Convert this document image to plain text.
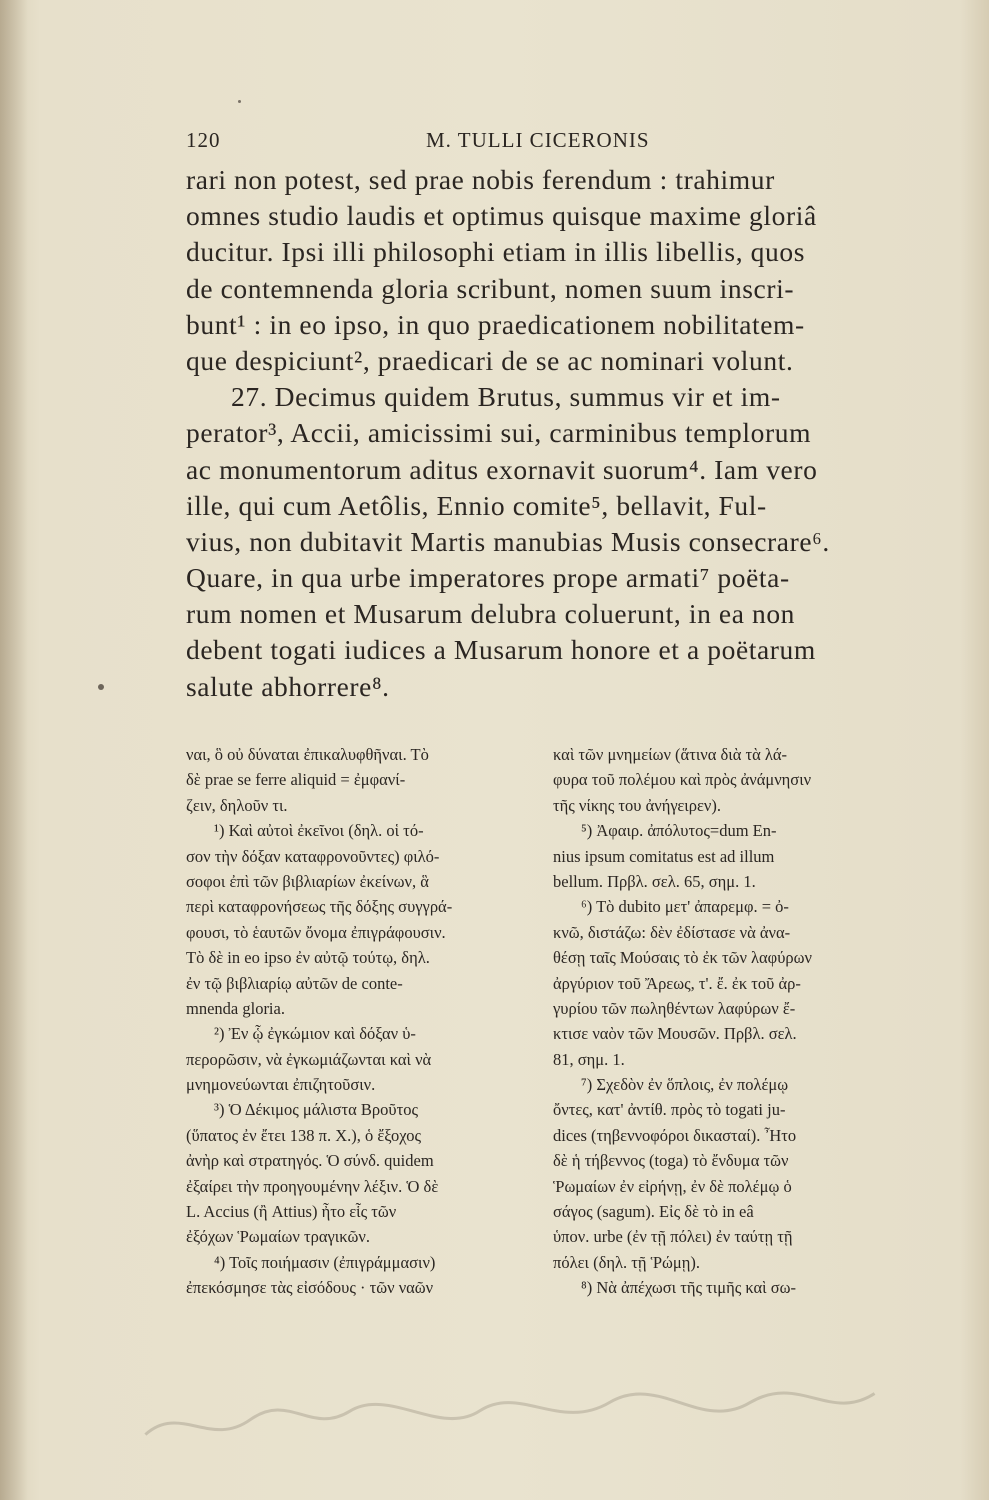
120	M. TULLI CICERONIS
rari non potest, sed prae nobis ferendum : trahimur
omnes studio laudis et optimus quisque maxime gloriâ
ducitur. Ipsi illi philosophi etiam in illis libellis, quos
de contemnenda gloria scribunt, nomen suum inscri-
bunt¹ : in eo ipso, in quo praedicationem nobilitatem-
que despiciunt², praedicari de se ac nominari volunt.
27. Decimus quidem Brutus, summus vir et im-
perator³, Accii, amicissimi sui, carminibus templorum
ac monumentorum aditus exornavit suorum⁴. Iam vero
ille, qui cum Aetôlis, Ennio comite⁵, bellavit, Ful-
vius, non dubitavit Martis manubias Musis consecrare⁶.
Quare, in qua urbe imperatores prope armati⁷ poëta-
rum nomen et Musarum delubra coluerunt, in ea non
debent togati iudices a Musarum honore et a poëtarum
salute abhorrere⁸.
ναι, ὃ οὐ δύναται ἐπικαλυφθῆναι. Τὸ
δὲ prae se ferre aliquid = ἐμφανί-
ζειν, δηλοῦν τι.
¹) Καὶ αὐτοὶ ἐκεῖνοι (δηλ. οἱ τό-
σον τὴν δόξαν καταφρονοῦντες) φιλό-
σοφοι ἐπὶ τῶν βιβλιαρίων ἐκείνων, ἃ
περὶ καταφρονήσεως τῆς δόξης συγγρά-
φουσι, τὸ ἑαυτῶν ὄνομα ἐπιγράφουσιν.
Τὸ δὲ in eo ipso ἐν αὐτῷ τούτῳ, δηλ.
ἐν τῷ βιβλιαρίῳ αὐτῶν de conte-
mnenda gloria.
²) Ἐν ᾧ ἐγκώμιον καὶ δόξαν ὑ-
περορῶσιν, νὰ ἐγκωμιάζωνται καὶ νὰ
μνημονεύωνται ἐπιζητοῦσιν.
³) Ὁ Δέκιμος μάλιστα Βροῦτος
(ὕπατος ἐν ἔτει 138 π. Χ.), ὁ ἔξοχος
ἀνὴρ καὶ στρατηγός. Ὁ σύνδ. quidem
ἐξαίρει τὴν προηγουμένην λέξιν. Ὁ δὲ
L. Accius (ἢ Attius) ἦτο εἷς τῶν
ἐξόχων Ῥωμαίων τραγικῶν.
⁴) Τοῖς ποιήμασιν (ἐπιγράμμασιν)
ἐπεκόσμησε τὰς εἰσόδους · τῶν ναῶν
καὶ τῶν μνημείων (ἅτινα διὰ τὰ λά-
φυρα τοῦ πολέμου καὶ πρὸς ἀνάμνησιν
τῆς νίκης του ἀνήγειρεν).
⁵) Ἀφαιρ. ἀπόλυτος=dum En-
nius ipsum comitatus est ad illum
bellum. Πρβλ. σελ. 65, σημ. 1.
⁶) Τὸ dubito μετ' ἀπαρεμφ. = ὀ-
κνῶ, διστάζω: δὲν ἐδίστασε νὰ ἀνα-
θέσῃ ταῖς Μούσαις τὸ ἐκ τῶν λαφύρων
ἀργύριον τοῦ Ἄρεως, τ'. ἔ. ἐκ τοῦ ἀρ-
γυρίου τῶν πωληθέντων λαφύρων ἔ-
κτισε ναὸν τῶν Μουσῶν. Πρβλ. σελ.
81, σημ. 1.
⁷) Σχεδὸν ἐν ὅπλοις, ἐν πολέμῳ
ὄντες, κατ' ἀντίθ. πρὸς τὸ togati ju-
dices (τηβεννοφόροι δικασταί). Ἦτο
δὲ ἡ τήβεννος (toga) τὸ ἔνδυμα τῶν
Ῥωμαίων ἐν εἰρήνῃ, ἐν δὲ πολέμῳ ὁ
σάγος (sagum). Εἰς δὲ τὸ in eâ
ὑπον. urbe (ἐν τῇ πόλει) ἐν ταύτῃ τῇ
πόλει (δηλ. τῇ Ῥώμῃ).
⁸) Νὰ ἀπέχωσι τῆς τιμῆς καὶ σω-
